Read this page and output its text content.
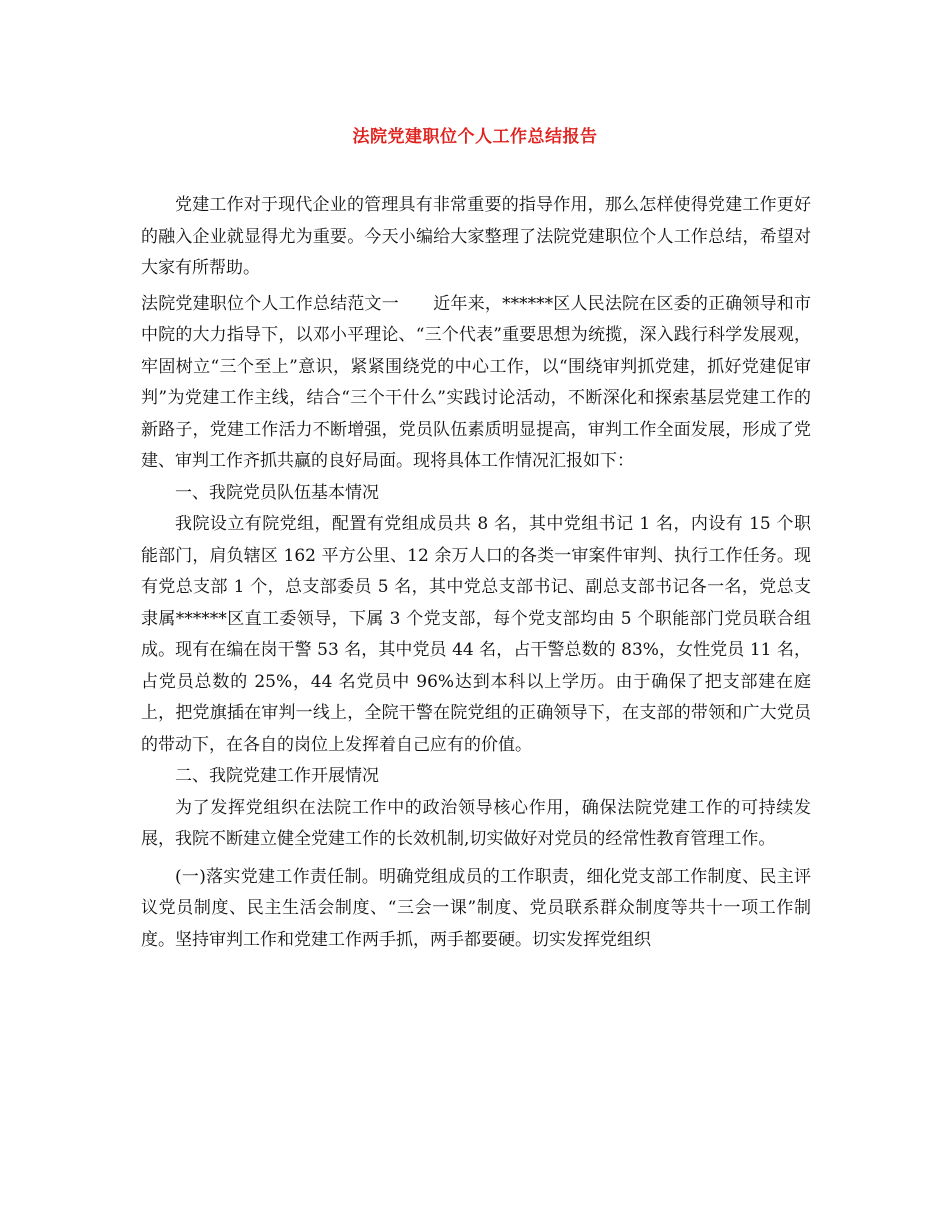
法院党建职位个人工作总结报告

党建工作对于现代企业的管理具有非常重要的指导作用，那么怎样使得党建工作更好的融入企业就显得尤为重要。今天小编给大家整理了法院党建职位个人工作总结，希望对大家有所帮助。

法院党建职位个人工作总结范文一　　近年来，******区人民法院在区委的正确领导和市中院的大力指导下，以邓小平理论、“三个代表”重要思想为统揽，深入践行科学发展观，牢固树立“三个至上”意识，紧紧围绕党的中心工作，以“围绕审判抓党建，抓好党建促审判”为党建工作主线，结合“三个干什么”实践讨论活动，不断深化和探索基层党建工作的新路子，党建工作活力不断增强，党员队伍素质明显提高，审判工作全面发展，形成了党建、审判工作齐抓共赢的良好局面。现将具体工作情况汇报如下：

一、我院党员队伍基本情况

我院设立有院党组，配置有党组成员共 8 名，其中党组书记 1 名，内设有 15 个职能部门，肩负辖区 162 平方公里、12 余万人口的各类一审案件审判、执行工作任务。现有党总支部 1 个，总支部委员 5 名，其中党总支部书记、副总支部书记各一名，党总支隶属******区直工委领导，下属 3 个党支部，每个党支部均由 5 个职能部门党员联合组成。现有在编在岗干警 53 名，其中党员 44 名，占干警总数的 83%，女性党员 11 名，占党员总数的 25%，44 名党员中 96%达到本科以上学历。由于确保了把支部建在庭上，把党旗插在审判一线上，全院干警在院党组的正确领导下，在支部的带领和广大党员的带动下，在各自的岗位上发挥着自己应有的价值。

二、我院党建工作开展情况

为了发挥党组织在法院工作中的政治领导核心作用，确保法院党建工作的可持续发展，我院不断建立健全党建工作的长效机制,切实做好对党员的经常性教育管理工作。

(一)落实党建工作责任制。明确党组成员的工作职责，细化党支部工作制度、民主评议党员制度、民主生活会制度、“三会一课”制度、党员联系群众制度等共十一项工作制度。坚持审判工作和党建工作两手抓，两手都要硬。切实发挥党组织
